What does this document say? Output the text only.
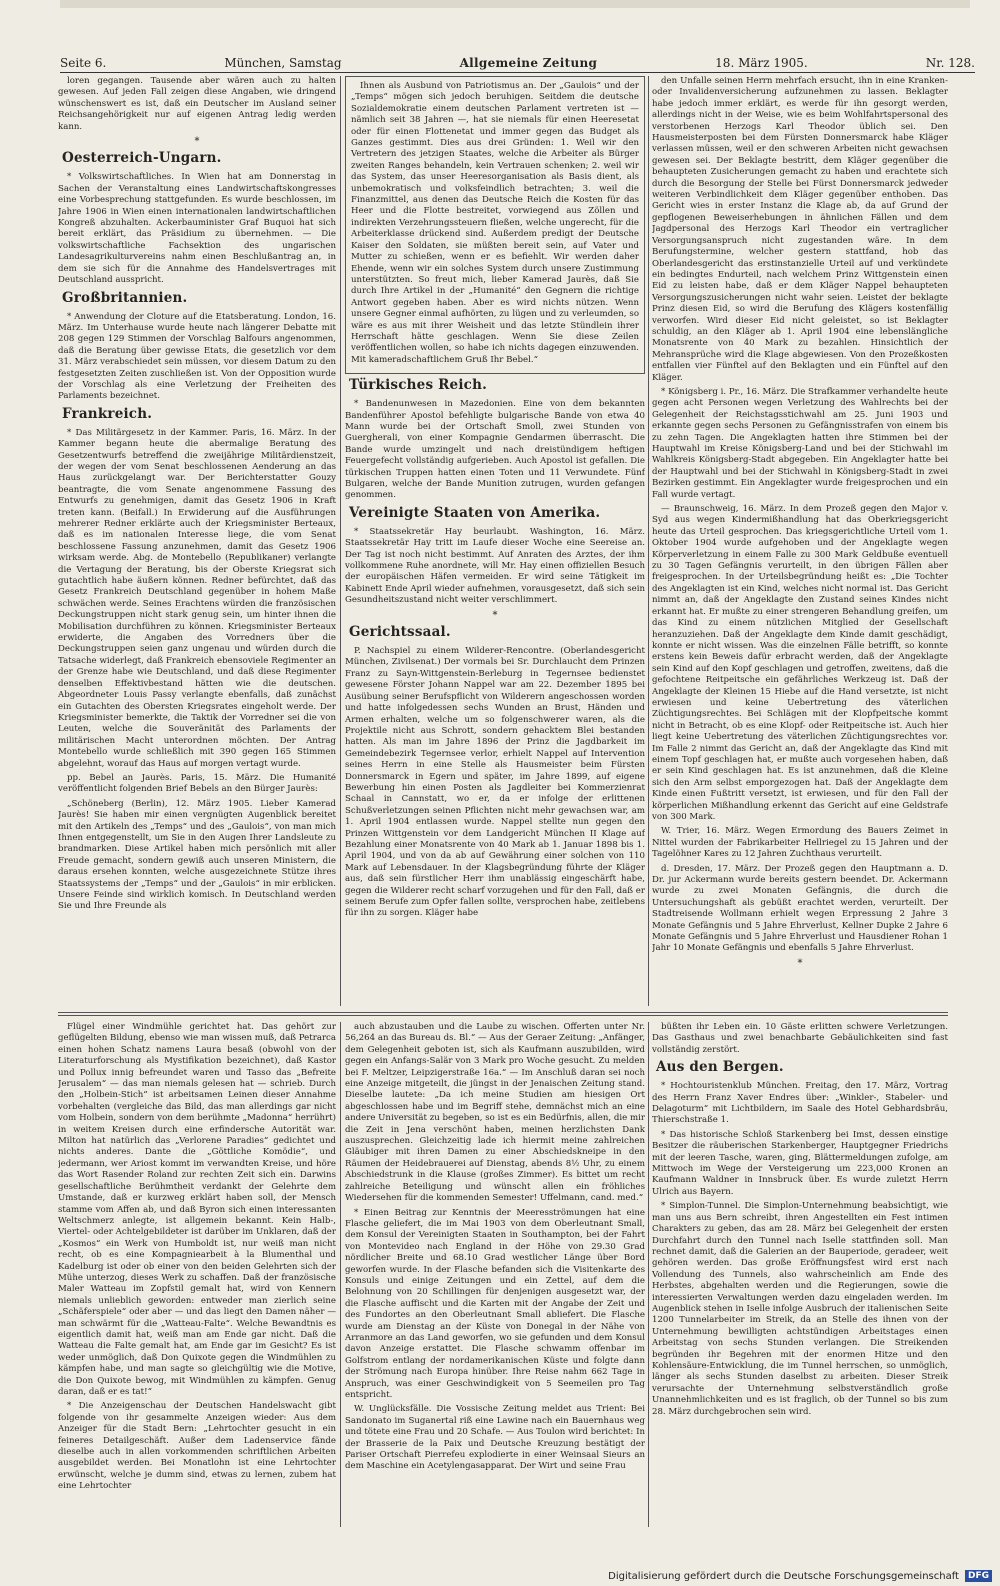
Seite 6.	München, Samstag	Allgemeine Zeitung	18. März 1905.	Nr. 128.

loren gegangen. Tausende aber wären auch zu halten gewesen. Auf jeden Fall zeigen diese Angaben, wie dringend wünschenswert es ist, daß ein Deutscher im Ausland seiner Reichsangehörigkeit nur auf eigenen Antrag ledig werden kann.

*
Oesterreich-Ungarn.

* Volkswirtschaftliches. In Wien hat am Donnerstag in Sachen der Veranstaltung eines Landwirtschaftskongresses eine Vorbesprechung stattgefunden. Es wurde beschlossen, im Jahre 1906 in Wien einen internationalen landwirtschaftlichen Kongreß abzuhalten. Ackerbauminister Graf Buquoi hat sich bereit erklärt, das Präsidium zu übernehmen. — Die volkswirtschaftliche Fachsektion des ungarischen Landesagrikulturvereins nahm einen Beschlußantrag an, in dem sie sich für die Annahme des Handelsvertrages mit Deutschland ausspricht.

Großbritannien.

* Anwendung der Cloture auf die Etatsberatung. London, 16. März. Im Unterhause wurde heute nach längerer Debatte mit 208 gegen 129 Stimmen der Vorschlag Balfours angenommen, daß die Beratung über gewisse Etats, die gesetzlich vor dem 31. März verabschiedet sein müssen, vor diesem Datum zu den festgesetzten Zeiten zuschließen ist. Von der Opposition wurde der Vorschlag als eine Verletzung der Freiheiten des Parlaments bezeichnet.

Frankreich.

* Das Militärgesetz in der Kammer. Paris, 16. März. In der Kammer begann heute die abermalige Beratung des Gesetzentwurfs betreffend die zweijährige Militärdienstzeit, der wegen der vom Senat beschlossenen Aenderung an das Haus zurückgelangt war. Der Berichterstatter Gouzy beantragte, die vom Senate angenommene Fassung des Entwurfs zu genehmigen, damit das Gesetz 1906 in Kraft treten kann. (Beifall.) In Erwiderung auf die Ausführungen mehrerer Redner erklärte auch der Kriegsminister Berteaux, daß es im nationalen Interesse liege, die vom Senat beschlossene Fassung anzunehmen, damit das Gesetz 1906 wirksam werde. Abg. de Montebello (Republikaner) verlangte die Vertagung der Beratung, bis der Oberste Kriegsrat sich gutachtlich habe äußern können. Redner befürchtet, daß das Gesetz Frankreich Deutschland gegenüber in hohem Maße schwächen werde. Seines Erachtens würden die französischen Deckungstruppen nicht stark genug sein, um hinter ihnen die Mobilisation durchführen zu können. Kriegsminister Berteaux erwiderte, die Angaben des Vorredners über die Deckungstruppen seien ganz ungenau und würden durch die Tatsache widerlegt, daß Frankreich ebensoviele Regimenter an der Grenze habe wie Deutschland, und daß diese Regimenter denselben Effektivbestand hätten wie die deutschen. Abgeordneter Louis Passy verlangte ebenfalls, daß zunächst ein Gutachten des Obersten Kriegsrates eingeholt werde. Der Kriegsminister bemerkte, die Taktik der Vorredner sei die von Leuten, welche die Souveränität des Parlaments der militärischen Macht unterordnen möchten. Der Antrag Montebello wurde schließlich mit 390 gegen 165 Stimmen abgelehnt, worauf das Haus auf morgen vertagt wurde.

pp. Bebel an Jaurès. Paris, 15. März. Die Humanité veröffentlicht folgenden Brief Bebels an den Bürger Jaurès:

„Schöneberg (Berlin), 12. März 1905. Lieber Kamerad Jaurès! Sie haben mir einen vergnügten Augenblick bereitet mit den Artikeln des „Temps“ und des „Gaulois“, von man mich Ihnen entgegenstellt, um Sie in den Augen Ihrer Landsleute zu brandmarken. Diese Artikel haben mich persönlich mit aller Freude gemacht, sondern gewiß auch unseren Ministern, die daraus ersehen konnten, welche ausgezeichnete Stütze ihres Staatssystems der „Temps“ und der „Gaulois“ in mir erblicken. Unsere Feinde sind wirklich komisch. In Deutschland werden Sie und Ihre Freunde als

Ihnen als Ausbund von Patriotismus an. Der „Gaulois“ und der „Temps“ mögen sich jedoch beruhigen. Seitdem die deutsche Sozialdemokratie einem deutschen Parlament vertreten ist — nämlich seit 38 Jahren —, hat sie niemals für einen Heeresetat oder für einen Flottenetat und immer gegen das Budget als Ganzes gestimmt. Dies aus drei Gründen: 1. Weil wir den Vertretern des jetzigen Staates, welche die Arbeiter als Bürger zweiten Ranges behandeln, kein Vertrauen schenken; 2. weil wir das System, das unser Heeresorganisation als Basis dient, als unbemokratisch und volksfeindlich betrachten; 3. weil die Finanzmittel, aus denen das Deutsche Reich die Kosten für das Heer und die Flotte bestreitet, vorwiegend aus Zöllen und indirekten Verzehrungssteuern fließen, welche ungerecht, für die Arbeiterklasse drückend sind. Außerdem predigt der Deutsche Kaiser den Soldaten, sie müßten bereit sein, auf Vater und Mutter zu schießen, wenn er es befiehlt. Wir werden daher Ehende, wenn wir ein solches System durch unsere Zustimmung unterstützten. So freut mich, lieber Kamerad Jaurès, daß Sie durch Ihre Artikel in der „Humanité“ den Gegnern die richtige Antwort gegeben haben. Aber es wird nichts nützen. Wenn unsere Gegner einmal aufhörten, zu lügen und zu verleumden, so wäre es aus mit ihrer Weisheit und das letzte Stündlein ihrer Herrschaft hätte geschlagen. Wenn Sie diese Zeilen veröffentlichen wollen, so habe ich nichts dagegen einzuwenden. Mit kameradschaftlichem Gruß Ihr Bebel.“

Türkisches Reich.

* Bandenunwesen in Mazedonien. Eine von dem bekannten Bandenführer Apostol befehligte bulgarische Bande von etwa 40 Mann wurde bei der Ortschaft Smoll, zwei Stunden von Guergherali, von einer Kompagnie Gendarmen überrascht. Die Bande wurde umzingelt und nach dreistündigem heftigen Feuergefecht vollständig aufgerieben. Auch Apostol ist gefallen. Die türkischen Truppen hatten einen Toten und 11 Verwundete. Fünf Bulgaren, welche der Bande Munition zutrugen, wurden gefangen genommen.

Vereinigte Staaten von Amerika.

* Staatssekretär Hay beurlaubt. Washington, 16. März. Staatssekretär Hay tritt im Laufe dieser Woche eine Seereise an. Der Tag ist noch nicht bestimmt. Auf Anraten des Arztes, der ihm vollkommene Ruhe anordnete, will Mr. Hay einen offiziellen Besuch der europäischen Häfen vermeiden. Er wird seine Tätigkeit im Kabinett Ende April wieder aufnehmen, vorausgesetzt, daß sich sein Gesundheitszustand nicht weiter verschlimmert.

*
Gerichtssaal.

P. Nachspiel zu einem Wilderer-Rencontre. (Oberlandesgericht München, Zivilsenat.) Der vormals bei Sr. Durchlaucht dem Prinzen Franz zu Sayn-Wittgenstein-Berleburg in Tegernsee bedienstet gewesene Förster Johann Nappel war am 22. Dezember 1895 bei Ausübung seiner Berufspflicht von Wilderern angeschossen worden und hatte infolgedessen sechs Wunden an Brust, Händen und Armen erhalten, welche um so folgenschwerer waren, als die Projektile nicht aus Schrott, sondern gehacktem Blei bestanden hatten. Als man im Jahre 1896 der Prinz die Jagdbarkeit im Gemeindebezirk Tegernsee verlor, erhielt Nappel auf Intervention seines Herrn in eine Stelle als Hausmeister beim Fürsten Donnersmarck in Egern und später, im Jahre 1899, auf eigene Bewerbung hin einen Posten als Jagdleiter bei Kommerzienrat Schaal in Cannstatt, wo er, da er infolge der erlittenen Schußverletzungen seinen Pflichten nicht mehr gewachsen war, am 1. April 1904 entlassen wurde. Nappel stellte nun gegen den Prinzen Wittgenstein vor dem Landgericht München II Klage auf Bezahlung einer Monatsrente von 40 Mark ab 1. Januar 1898 bis 1. April 1904, und von da ab auf Gewährung einer solchen von 110 Mark auf Lebensdauer. In der Klagsbegründung führte der Kläger aus, daß sein fürstlicher Herr ihm unablässig eingeschärft habe, gegen die Wilderer recht scharf vorzugehen und für den Fall, daß er seinem Berufe zum Opfer fallen sollte, versprochen habe, zeitlebens für ihn zu sorgen. Kläger habe

den Unfalle seinen Herrn mehrfach ersucht, ihn in eine Kranken- oder Invalidenversicherung aufzunehmen zu lassen. Beklagter habe jedoch immer erklärt, es werde für ihn gesorgt werden, allerdings nicht in der Weise, wie es beim Wohlfahrtspersonal des verstorbenen Herzogs Karl Theodor üblich sei. Den Hausmeisterposten bei dem Fürsten Donnersmarck habe Kläger verlassen müssen, weil er den schweren Arbeiten nicht gewachsen gewesen sei. Der Beklagte bestritt, dem Kläger gegenüber die behaupteten Zusicherungen gemacht zu haben und erachtete sich durch die Besorgung der Stelle bei Fürst Donnersmarck jedweder weiteren Verbindlichkeit dem Kläger gegenüber enthoben. Das Gericht wies in erster Instanz die Klage ab, da auf Grund der gepflogenen Beweiserhebungen in ähnlichen Fällen und dem Jagdpersonal des Herzogs Karl Theodor ein vertraglicher Versorgungsanspruch nicht zugestanden wäre. In dem Berufungstermine, welcher gestern stattfand, hob das Oberlandesgericht das erstinstanzielle Urteil auf und verkündete ein bedingtes Endurteil, nach welchem Prinz Wittgenstein einen Eid zu leisten habe, daß er dem Kläger Nappel behaupteten Versorgungszusicherungen nicht wahr seien. Leistet der beklagte Prinz diesen Eid, so wird die Berufung des Klägers kostenfällig verworfen. Wird dieser Eid nicht geleistet, so ist Beklagter schuldig, an den Kläger ab 1. April 1904 eine lebenslängliche Monatsrente von 40 Mark zu bezahlen. Hinsichtlich der Mehransprüche wird die Klage abgewiesen. Von den Prozeßkosten entfallen vier Fünftel auf den Beklagten und ein Fünftel auf den Kläger.

* Königsberg i. Pr., 16. März. Die Strafkammer verhandelte heute gegen acht Personen wegen Verletzung des Wahlrechts bei der Gelegenheit der Reichstagsstichwahl am 25. Juni 1903 und erkannte gegen sechs Personen zu Gefängnisstrafen von einem bis zu zehn Tagen. Die Angeklagten hatten ihre Stimmen bei der Hauptwahl im Kreise Königsberg-Land und bei der Stichwahl im Wahlkreis Königsberg-Stadt abgegeben. Ein Angeklagter hatte bei der Hauptwahl und bei der Stichwahl in Königsberg-Stadt in zwei Bezirken gestimmt. Ein Angeklagter wurde freigesprochen und ein Fall wurde vertagt.

— Braunschweig, 16. März. In dem Prozeß gegen den Major v. Syd aus wegen Kindermißhandlung hat das Oberkriegsgericht heute das Urteil gesprochen. Das kriegsgerichtliche Urteil vom 1. Oktober 1904 wurde aufgehoben und der Angeklagte wegen Körperverletzung in einem Falle zu 300 Mark Geldbuße eventuell zu 30 Tagen Gefängnis verurteilt, in den übrigen Fällen aber freigesprochen. In der Urteilsbegründung heißt es: „Die Tochter des Angeklagten ist ein Kind, welches nicht normal ist. Das Gericht nimmt an, daß der Angeklagte den Zustand seines Kindes nicht erkannt hat. Er mußte zu einer strengeren Behandlung greifen, um das Kind zu einem nützlichen Mitglied der Gesellschaft heranzuziehen. Daß der Angeklagte dem Kinde damit geschädigt, konnte er nicht wissen. Was die einzelnen Fälle betrifft, so konnte erstens kein Beweis dafür erbracht werden, daß der Angeklagte sein Kind auf den Kopf geschlagen und getroffen, zweitens, daß die gefochtene Reitpeitsche ein gefährliches Werkzeug ist. Daß der Angeklagte der Kleinen 15 Hiebe auf die Hand versetzte, ist nicht erwiesen und keine Uebertretung des väterlichen Züchtigungsrechtes. Bei Schlägen mit der Klopfpeitsche kommt nicht in Betracht, ob es eine Klopf- oder Reitpeitsche ist. Auch hier liegt keine Uebertretung des väterlichen Züchtigungsrechtes vor. Im Falle 2 nimmt das Gericht an, daß der Angeklagte das Kind mit einem Topf geschlagen hat, er mußte auch vorgesehen haben, daß er sein Kind geschlagen hat. Es ist anzunehmen, daß die Kleine sich den Arm selbst emporgezogen hat. Daß der Angeklagte dem Kinde einen Fußtritt versetzt, ist erwiesen, und für den Fall der körperlichen Mißhandlung erkennt das Gericht auf eine Geldstrafe von 300 Mark.

W. Trier, 16. März. Wegen Ermordung des Bauers Zeimet in Nittel wurden der Fabrikarbeiter Hellriegel zu 15 Jahren und der Tagelöhner Kares zu 12 Jahren Zuchthaus verurteilt.

d. Dresden, 17. März. Der Prozeß gegen den Hauptmann a. D. Dr. jur Ackermann wurde bereits gestern beendet. Dr. Ackermann wurde zu zwei Monaten Gefängnis, die durch die Untersuchungshaft als gebüßt erachtet werden, verurteilt. Der Stadtreisende Wollmann erhielt wegen Erpressung 2 Jahre 3 Monate Gefängnis und 5 Jahre Ehrverlust, Kellner Dupke 2 Jahre 6 Monate Gefängnis und 5 Jahre Ehrverlust und Hausdiener Rohan 1 Jahr 10 Monate Gefängnis und ebenfalls 5 Jahre Ehrverlust.

*

Flügel einer Windmühle gerichtet hat. Das gehört zur geflügelten Bildung, ebenso wie man wissen muß, daß Petrarca einen hohen Schatz namens Laura besaß (obwohl von der Literaturforschung als Mystifikation bezeichnet), daß Kastor und Pollux innig befreundet waren und Tasso das „Befreite Jerusalem“ — das man niemals gelesen hat — schrieb. Durch den „Holbein-Stich“ ist arbeitsamen Leinen dieser Annahme vorbehalten (vergleiche das Bild, das man allerdings gar nicht vom Holbein, sondern von dem berühmte „Madonna“ herrührt) in weitem Kreisen durch eine erfindersche Autorität war. Milton hat natürlich das „Verlorene Paradies“ gedichtet und nichts anderes. Dante die „Göttliche Komödie“, und jedermann, wer Ariost kommt im verwandten Kreise, und höre das Wort Rasender Roland zur rechten Zeit sich ein. Darwins gesellschaftliche Berühmtheit verdankt der Gelehrte dem Umstande, daß er kurzweg erklärt haben soll, der Mensch stamme vom Affen ab, und daß Byron sich einen interessanten Weltschmerz anlegte, ist allgemein bekannt. Kein Halb-, Viertel- oder Achtelgebildeter ist darüber im Unklaren, daß der „Kosmos“ ein Werk von Humboldt ist, nur weiß man nicht recht, ob es eine Kompagniearbeit à la Blumenthal und Kadelburg ist oder ob einer von den beiden Gelehrten sich der Mühe unterzog, dieses Werk zu schaffen. Daß der französische Maler Watteau im Zopfstil gemalt hat, wird von Kennern niemals unlieblich geworden: entweder man zierlich seine „Schäferspiele“ oder aber — und das liegt den Damen näher — man schwärmt für die „Watteau-Falte“. Welche Bewandtnis es eigentlich damit hat, weiß man am Ende gar nicht. Daß die Watteau die Falte gemalt hat, am Ende gar im Gesicht? Es ist weder unmöglich, daß Don Quixote gegen die Windmühlen zu kämpfen habe, und man sagte so gleichgültig wie die Motive, die Don Quixote bewog, mit Windmühlen zu kämpfen. Genug daran, daß er es tat!“

* Die Anzeigenschau der Deutschen Handelswacht gibt folgende von ihr gesammelte Anzeigen wieder: Aus dem Anzeiger für die Stadt Bern: „Lehrtochter gesucht in ein feineres Detailgeschäft. Außer dem Ladenservice fände dieselbe auch in allen vorkommenden schriftlichen Arbeiten ausgebildet werden. Bei Monatlohn ist eine Lehrtochter erwünscht, welche je dumm sind, etwas zu lernen, zubem hat eine Lehrtochter

auch abzustauben und die Laube zu wischen. Offerten unter Nr. 56,264 an das Bureau ds. Bl.“ — Aus der Geraer Zeitung: „Anfänger, dem Gelegenheit geboten ist, sich als Kaufmann auszubilden, wird gegen ein Anfangs-Salär von 3 Mark pro Woche gesucht. Zu melden bei F. Meltzer, Leipzigerstraße 16a.“ — Im Anschluß daran sei noch eine Anzeige mitgeteilt, die jüngst in der Jenaischen Zeitung stand. Dieselbe lautete: „Da ich meine Studien am hiesigen Ort abgeschlossen habe und im Begriff stehe, demnächst mich an eine andere Universität zu begeben, so ist es ein Bedürfnis, allen, die mir die Zeit in Jena verschönt haben, meinen herzlichsten Dank auszusprechen. Gleichzeitig lade ich hiermit meine zahlreichen Gläubiger mit ihren Damen zu einer Abschiedskneipe in den Räumen der Heidebrauerei auf Dienstag, abends 8½ Uhr, zu einem Abschiedstrunk in die Klause (großes Zimmer). Es bittet um recht zahlreiche Beteiligung und wünscht allen ein fröhliches Wiedersehen für die kommenden Semester! Uffelmann, cand. med.“

* Einen Beitrag zur Kenntnis der Meeresströmungen hat eine Flasche geliefert, die im Mai 1903 von dem Oberleutnant Small, dem Konsul der Vereinigten Staaten in Southampton, bei der Fahrt von Montevideo nach England in der Höhe von 29.30 Grad nördlicher Breite und 68.10 Grad westlicher Länge über Bord geworfen wurde. In der Flasche befanden sich die Visitenkarte des Konsuls und einige Zeitungen und ein Zettel, auf dem die Belohnung von 20 Schillingen für denjenigen ausgesetzt war, der die Flasche auffischt und die Karten mit der Angabe der Zeit und des Fundortes an den Oberleutnant Small abliefert. Die Flasche wurde am Dienstag an der Küste von Donegal in der Nähe von Arranmore an das Land geworfen, wo sie gefunden und dem Konsul davon Anzeige erstattet. Die Flasche schwamm offenbar im Golfstrom entlang der nordamerikanischen Küste und folgte dann der Strömung nach Europa hinüber. Ihre Reise nahm 662 Tage in Anspruch, was einer Geschwindigkeit von 5 Seemeilen pro Tag entspricht.

W. Unglücksfälle. Die Vossische Zeitung meldet aus Trient: Bei Sandonato im Suganertal riß eine Lawine nach ein Bauernhaus weg und tötete eine Frau und 20 Schafe. — Aus Toulon wird berichtet: In der Brasserie de la Paix und Deutsche Kreuzung bestätigt der Pariser Ortschaft Pierrefeu explodierte in einer Weinsaal Sieurs an dem Maschine ein Acetylengasapparat. Der Wirt und seine Frau

büßten ihr Leben ein. 10 Gäste erlitten schwere Verletzungen. Das Gasthaus und zwei benachbarte Gebäulichkeiten sind fast vollständig zerstört.

Aus den Bergen.

* Hochtouristenklub München. Freitag, den 17. März, Vortrag des Herrn Franz Xaver Endres über: „Winkler-, Stabeler- und Delagoturm“ mit Lichtbildern, im Saale des Hotel Gebhardsbräu, Thierschstraße 1.

* Das historische Schloß Starkenberg bei Imst, dessen einstige Besitzer die räuberischen Starkenberger, Hauptgegner Friedrichs mit der leeren Tasche, waren, ging, Blättermeldungen zufolge, am Mittwoch im Wege der Versteigerung um 223,000 Kronen an Kaufmann Waldner in Innsbruck über. Es wurde zuletzt Herrn Ulrich aus Bayern.

* Simplon-Tunnel. Die Simplon-Unternehmung beabsichtigt, wie man uns aus Bern schreibt, ihren Angestellten ein Fest intimen Charakters zu geben, das am 28. März bei Gelegenheit der ersten Durchfahrt durch den Tunnel nach Iselle stattfinden soll. Man rechnet damit, daß die Galerien an der Bauperiode, geradeer, weit gehören werden. Das große Eröffnungsfest wird erst nach Vollendung des Tunnels, also wahrscheinlich am Ende des Herbstes, abgehalten werden und die Regierungen, sowie die interessierten Verwaltungen werden dazu eingeladen werden. Im Augenblick stehen in Iselle infolge Ausbruch der italienischen Seite 1200 Tunnelarbeiter im Streik, da an Stelle des ihnen von der Unternehmung bewilligten achtstündigen Arbeitstages einen Arbeitstag von sechs Stunden verlangen. Die Streikenden begründen ihr Begehren mit der enormen Hitze und den Kohlensäure-Entwicklung, die im Tunnel herrschen, so unmöglich, länger als sechs Stunden daselbst zu arbeiten. Dieser Streik verursachte der Unternehmung selbstverständlich große Unannehmlichkeiten und es ist fraglich, ob der Tunnel so bis zum 28. März durchgebrochen sein wird.

Digitalisierung gefördert durch die Deutsche Forschungsgemeinschaft	DFG
